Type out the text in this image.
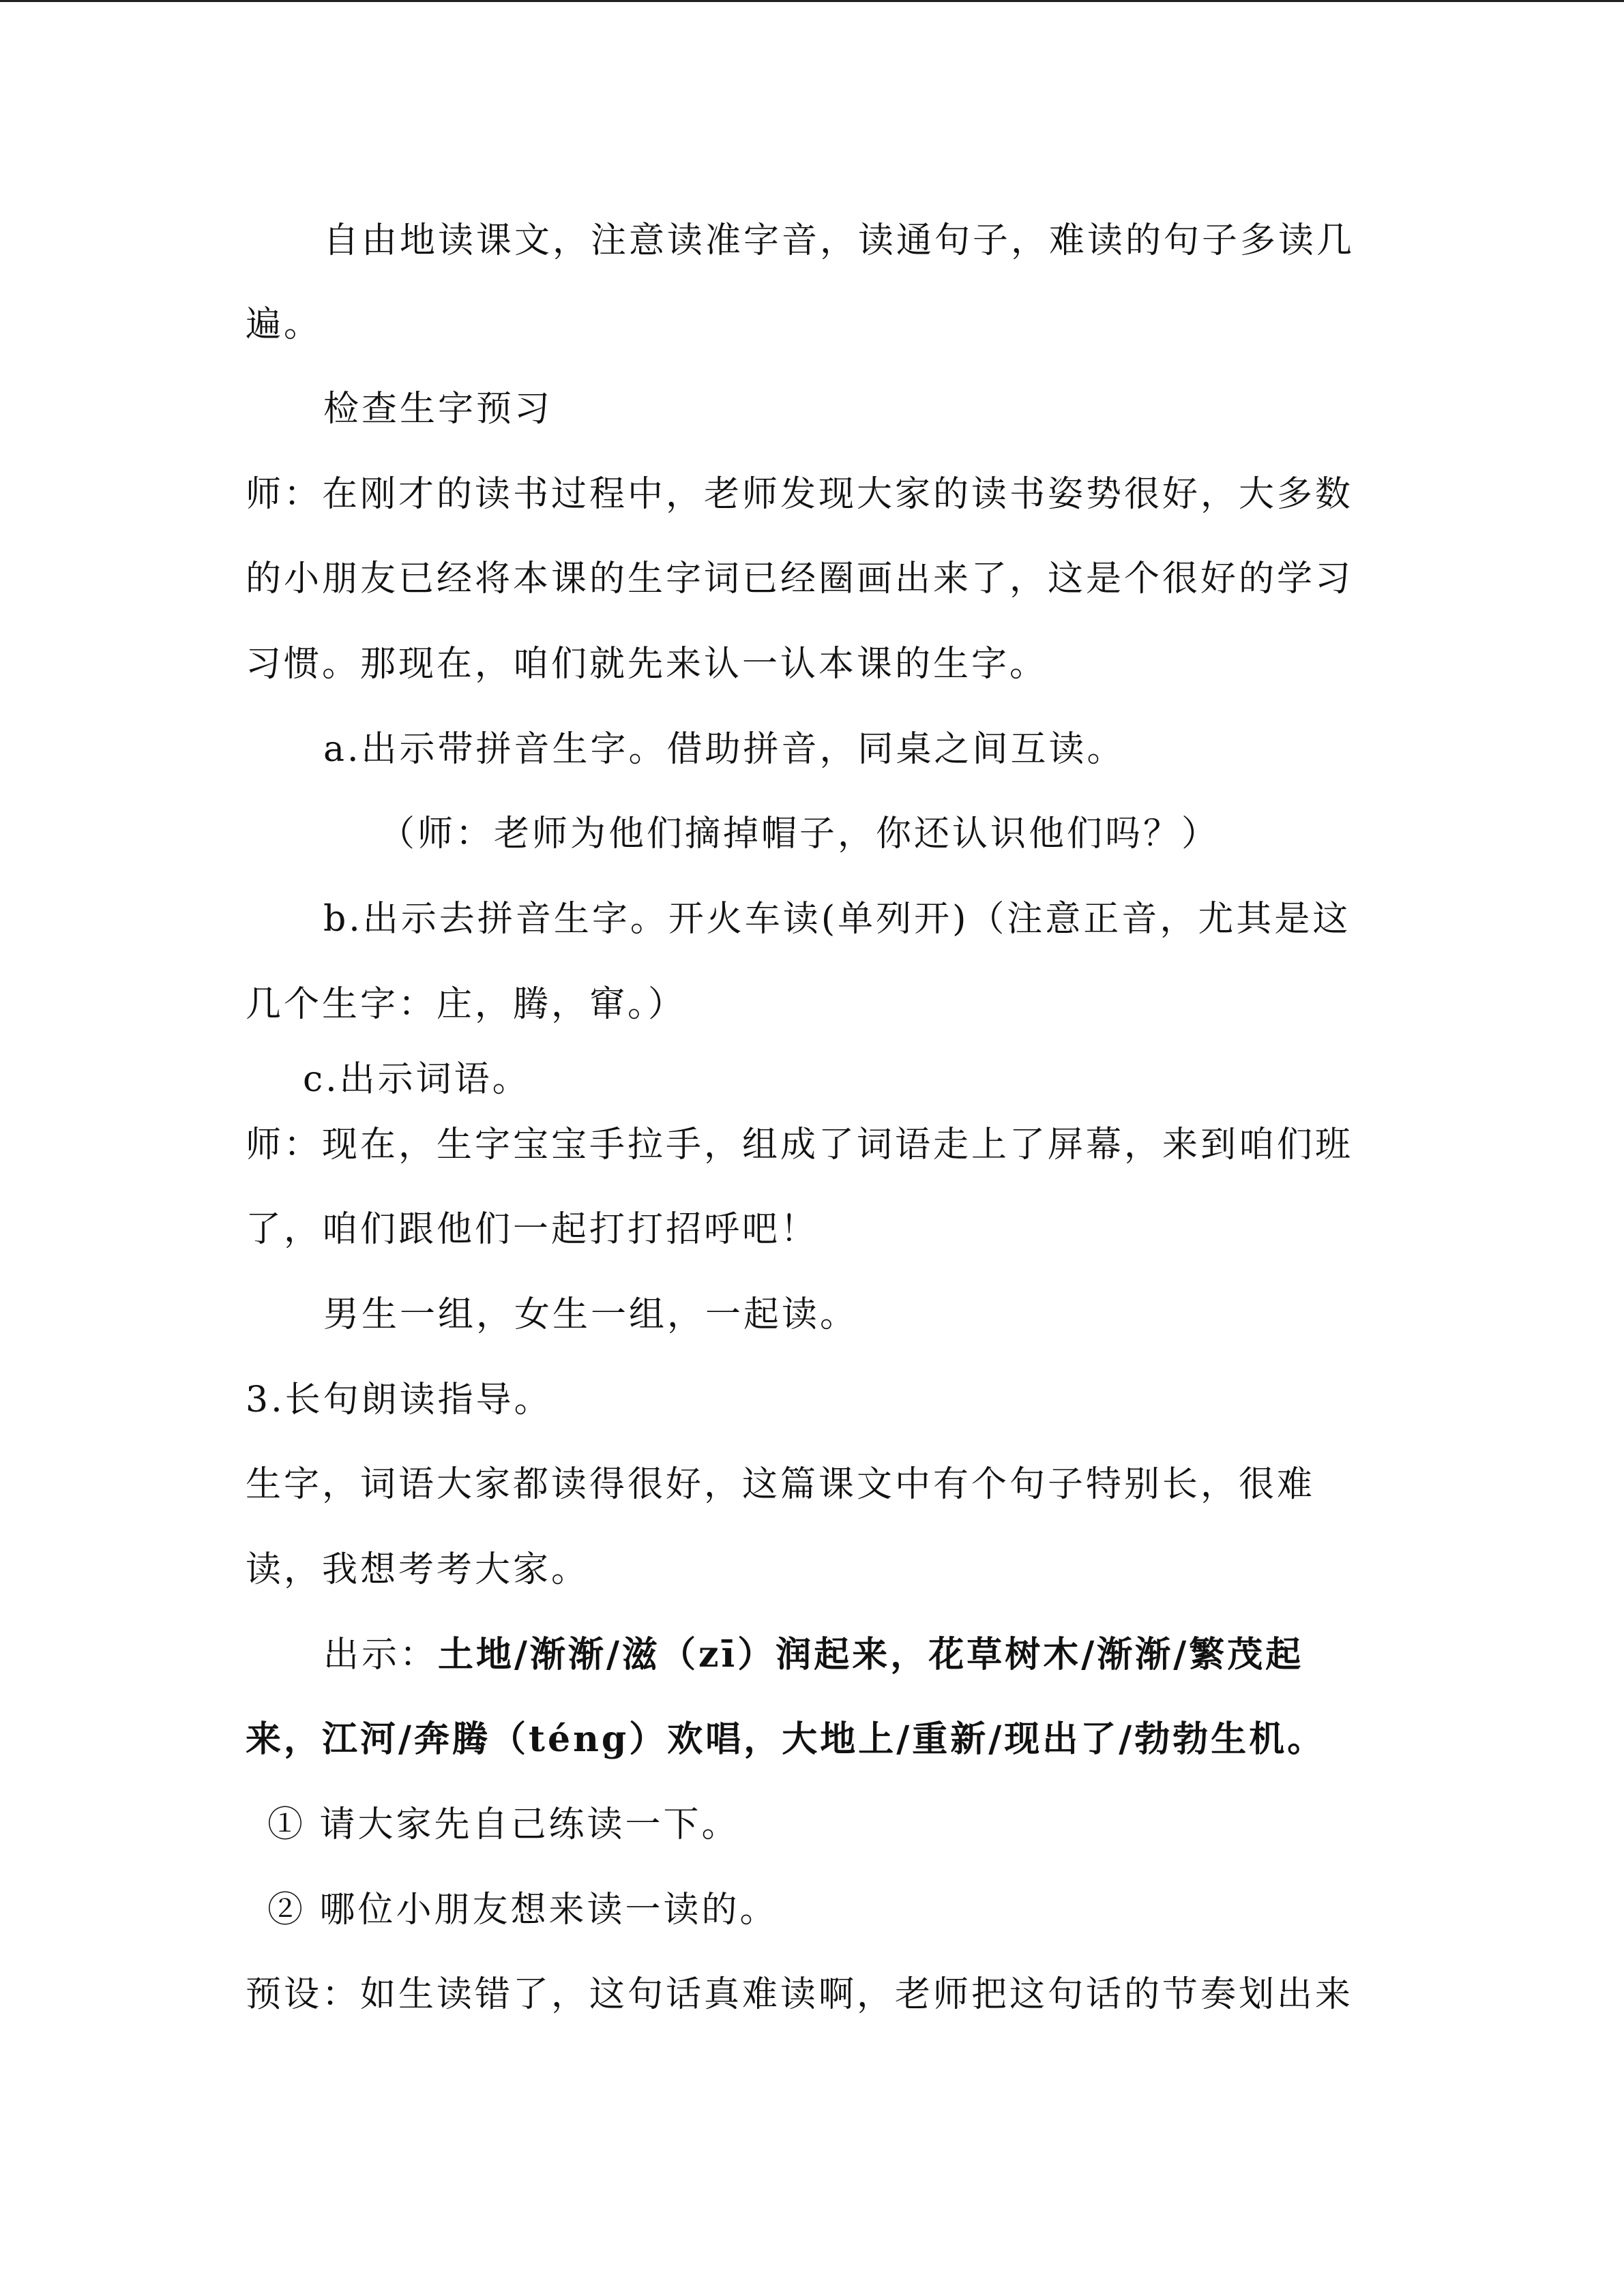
自由地读课文，注意读准字音，读通句子，难读的句子多读几
遍。
检查生字预习
师：在刚才的读书过程中，老师发现大家的读书姿势很好，大多数
的小朋友已经将本课的生字词已经圈画出来了，这是个很好的学习
习惯。那现在，咱们就先来认一认本课的生字。
a.出示带拼音生字。借助拼音，同桌之间互读。
（师：老师为他们摘掉帽子，你还认识他们吗？）
b.出示去拼音生字。开火车读(单列开)（注意正音，尤其是这
几个生字：庄，腾，窜。）
c.出示词语。
师：现在，生字宝宝手拉手，组成了词语走上了屏幕，来到咱们班
了，咱们跟他们一起打打招呼吧！
男生一组，女生一组，一起读。
3.长句朗读指导。
生字，词语大家都读得很好，这篇课文中有个句子特别长，很难
读，我想考考大家。
出示：土地/渐渐/滋（zī）润起来，花草树木/渐渐/繁茂起
来，江河/奔腾（téng）欢唱，大地上/重新/现出了/勃勃生机。
① 请大家先自己练读一下。
② 哪位小朋友想来读一读的。
预设：如生读错了，这句话真难读啊，老师把这句话的节奏划出来
